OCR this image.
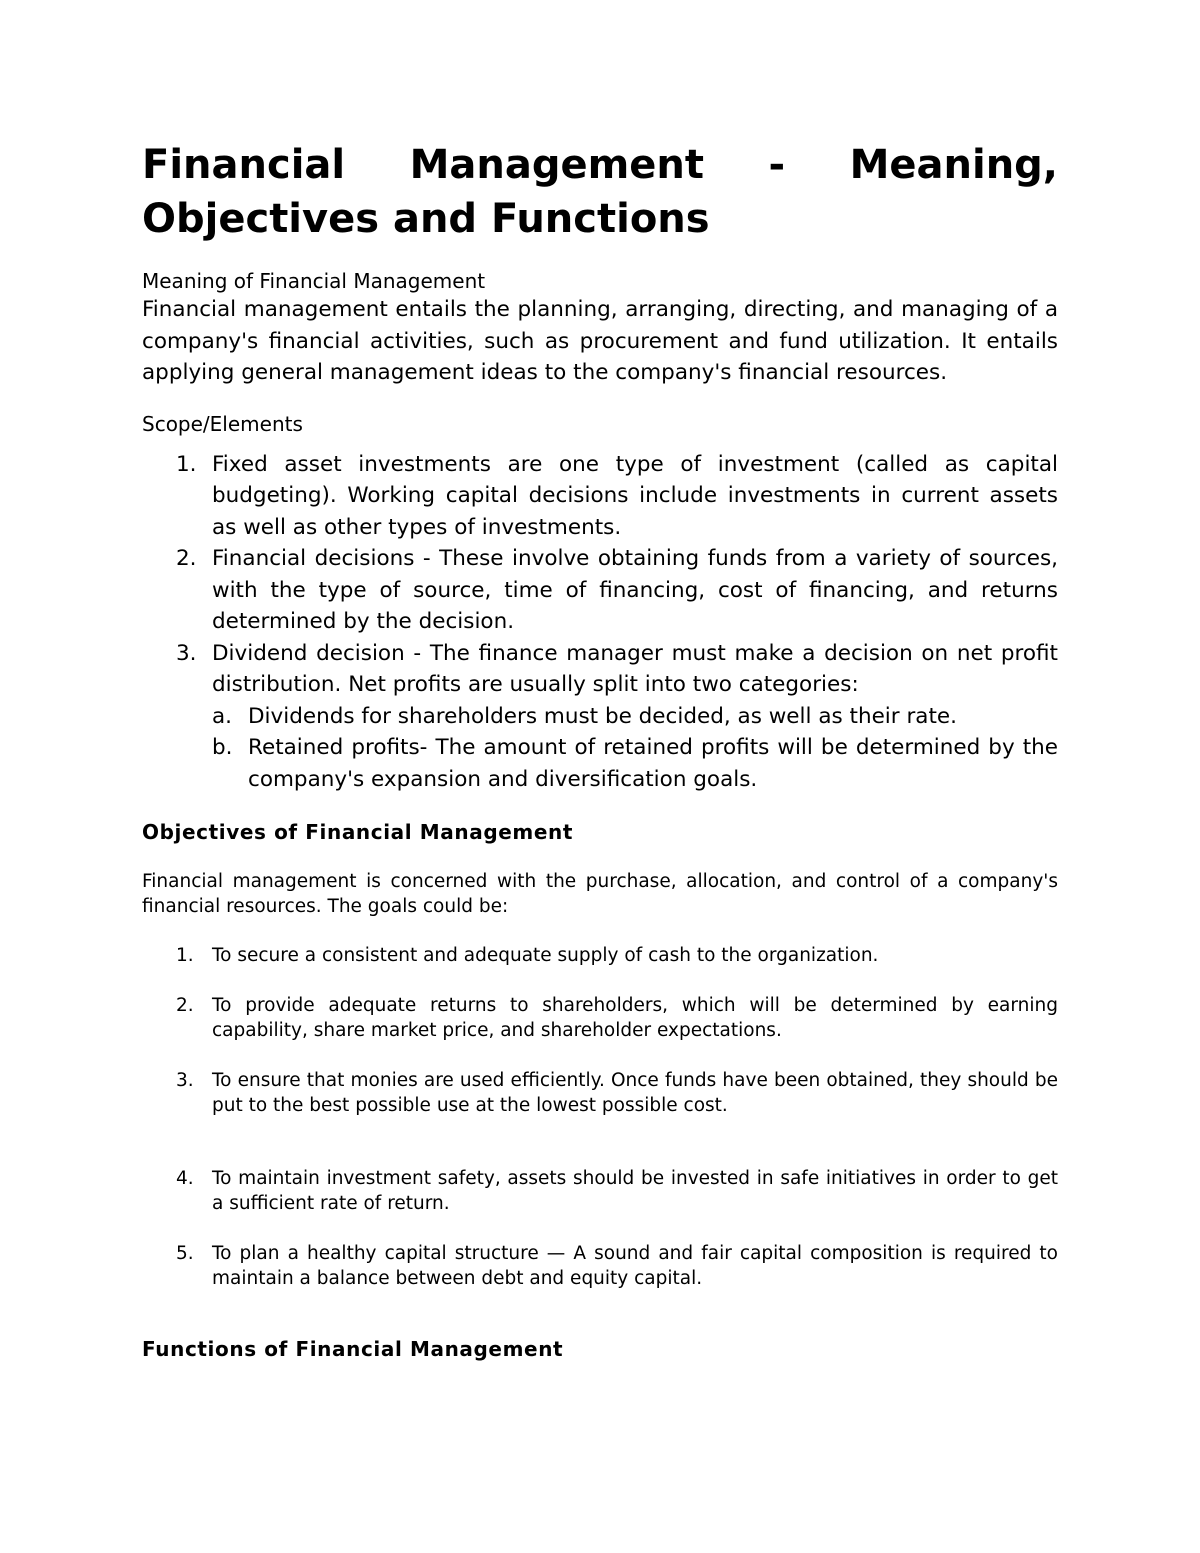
Financial Management - Meaning, Objectives and Functions
Meaning of Financial Management

Financial management entails the planning, arranging, directing, and managing of a company's financial activities, such as procurement and fund utilization. It entails applying general management ideas to the company's financial resources.

Scope/Elements
1. Fixed asset investments are one type of investment (called as capital budgeting). Working capital decisions include investments in current assets as well as other types of investments.
2. Financial decisions - These involve obtaining funds from a variety of sources, with the type of source, time of financing, cost of financing, and returns determined by the decision.
3. Dividend decision - The finance manager must make a decision on net profit distribution. Net profits are usually split into two categories:
a. Dividends for shareholders must be decided, as well as their rate.
b. Retained profits- The amount of retained profits will be determined by the company's expansion and diversification goals.
Objectives of Financial Management

Financial management is concerned with the purchase, allocation, and control of a company's financial resources. The goals could be:

1. To secure a consistent and adequate supply of cash to the organization.
2. To provide adequate returns to shareholders, which will be determined by earning capability, share market price, and shareholder expectations.
3. To ensure that monies are used efficiently. Once funds have been obtained, they should be put to the best possible use at the lowest possible cost.
4. To maintain investment safety, assets should be invested in safe initiatives in order to get a sufficient rate of return.
5. To plan a healthy capital structure — A sound and fair capital composition is required to maintain a balance between debt and equity capital.
Functions of Financial Management
